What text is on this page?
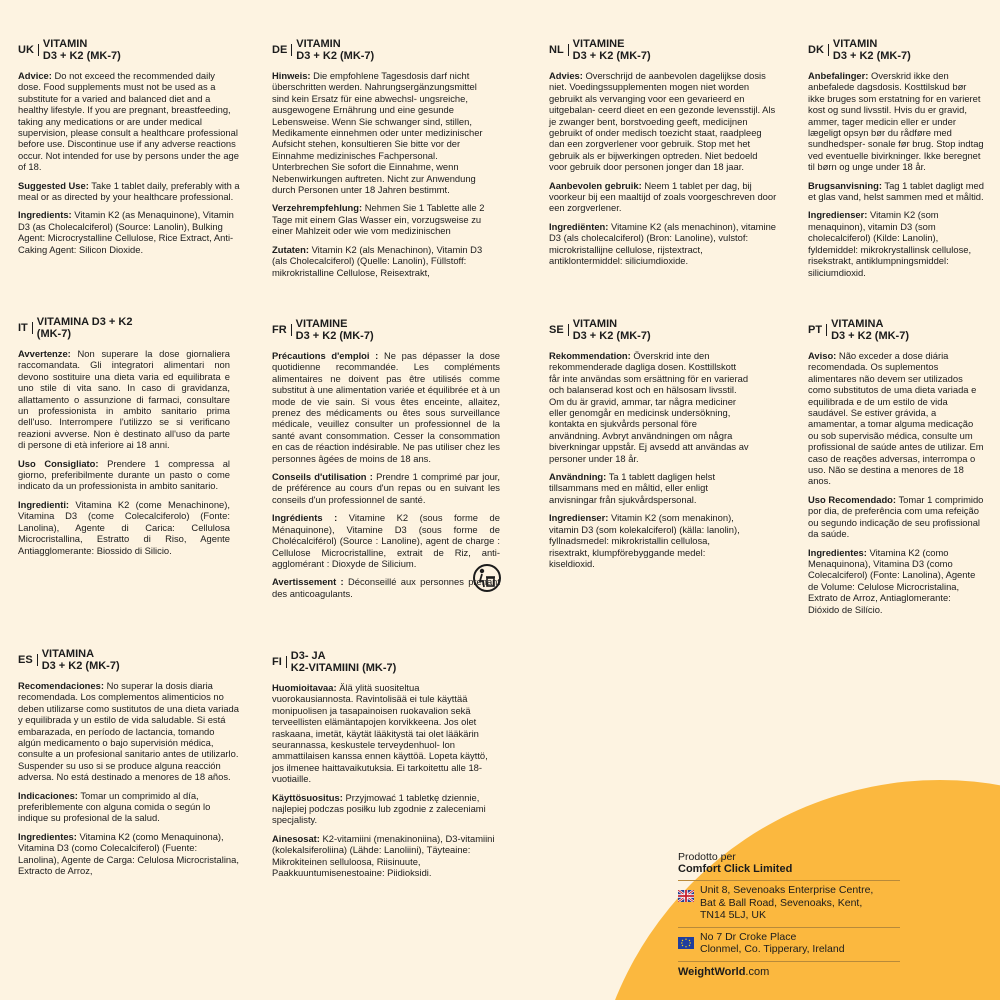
UK VITAMIN
D3 + K2 (MK-7)
Advice: Do not exceed the recommended daily dose. Food supplements must not be used as a substitute for a varied and balanced diet and a healthy lifestyle. If you are pregnant, breastfeeding, taking any medications or are under medical supervision, please consult a healthcare professional before use. Discontinue use if any adverse reactions occur. Not intended for use by persons under the age of 18.
Suggested Use: Take 1 tablet daily, preferably with a meal or as directed by your healthcare professional.
Ingredients: Vitamin K2 (as Menaquinone), Vitamin D3 (as Cholecalciferol) (Source: Lanolin), Bulking Agent: Microcrystalline Cellulose, Rice Extract, Anti-Caking Agent: Silicon Dioxide.
DE VITAMIN
D3 + K2 (MK-7)
Hinweis: Die empfohlene Tagesdosis darf nicht überschritten werden. Nahrungsergänzungsmittel sind kein Ersatz für eine abwechsl- ungsreiche, ausgewogene Ernährung und eine gesunde Lebensweise. Wenn Sie schwanger sind, stillen, Medikamente einnehmen oder unter medizinischer Aufsicht stehen, konsultieren Sie bitte vor der Einnahme medizinisches Fachpersonal. Unterbrechen Sie sofort die Einnahme, wenn Nebenwirkungen auftreten. Nicht zur Anwendung durch Personen unter 18 Jahren bestimmt.
Verzehrempfehlung: Nehmen Sie 1 Tablette alle 2 Tage mit einem Glas Wasser ein, vorzugsweise zu einer Mahlzeit oder wie vom medizinischen
Zutaten: Vitamin K2 (als Menachinon), Vitamin D3 (als Cholecalciferol) (Quelle: Lanolin), Füllstoff: mikrokristalline Cellulose, Reisextrakt,
NL VITAMINE
D3 + K2 (MK-7)
Advies: Overschrijd de aanbevolen dagelijkse dosis niet. Voedingssupplementen mogen niet worden gebruikt als vervanging voor een gevarieerd en uitgebalan- ceerd dieet en een gezonde levensstijl. Als je zwanger bent, borstvoeding geeft, medicijnen gebruikt of onder medisch toezicht staat, raadpleeg dan een zorgverlener voor gebruik. Stop met het gebruik als er bijwerkingen optreden. Niet bedoeld voor gebruik door personen jonger dan 18 jaar.
Aanbevolen gebruik: Neem 1 tablet per dag, bij voorkeur bij een maaltijd of zoals voorgeschreven door een zorgverlener.
Ingrediënten: Vitamine K2 (als menachinon), vitamine D3 (als cholecalciferol) (Bron: Lanoline), vulstof: microkristallijne cellulose, rijstextract, antiklontermiddel: siliciumdioxide.
DK VITAMIN
D3 + K2 (MK-7)
Anbefalinger: Overskrid ikke den anbefalede dagsdosis. Kosttilskud bør ikke bruges som erstatning for en varieret kost og sund livsstil. Hvis du er gravid, ammer, tager medicin eller er under lægeligt opsyn bør du rådføre med sundhedsper- sonale før brug. Stop indtag ved eventuelle bivirkninger. Ikke beregnet til børn og unge under 18 år.
Brugsanvisning: Tag 1 tablet dagligt med et glas vand, helst sammen med et måltid.
Ingredienser: Vitamin K2 (som menaquinon), vitamin D3 (som cholecalciferol) (Kilde: Lanolin), fyldemiddel: mikrokrystallinsk cellulose, risekstrakt, antiklumpningsmiddel: siliciumdioxid.
IT VITAMINA D3 + K2
(MK-7)
Avvertenze: Non superare la dose giornaliera raccomandata. Gli integratori alimentari non devono sostituire una dieta varia ed equilibrata e uno stile di vita sano. In caso di gravidanza, allattamento o assunzione di farmaci, consultare un professionista in ambito sanitario prima dell'uso. Interrompere l'utilizzo se si verificano reazioni avverse. Non è destinato all'uso da parte di persone di età inferiore ai 18 anni.
Uso Consigliato: Prendere 1 compressa al giorno, preferibilmente durante un pasto o come indicato da un professionista in ambito sanitario.
Ingredienti: Vitamina K2 (come Menachinone), Vitamina D3 (come Colecalciferolo) (Fonte: Lanolina), Agente di Carica: Cellulosa Microcristallina, Estratto di Riso, Agente Antiagglomerante: Biossido di Silicio.
FR VITAMINE
D3 + K2 (MK-7)
Précautions d'emploi : Ne pas dépasser la dose quotidienne recommandée. Les compléments alimentaires ne doivent pas être utilisés comme substitut à une alimentation variée et équilibrée et à un mode de vie sain. Si vous êtes enceinte, allaitez, prenez des médicaments ou êtes sous surveillance médicale, veuillez consulter un professionnel de la santé avant consommation. Cesser la consommation en cas de réaction indésirable. Ne pas utiliser chez les personnes âgées de moins de 18 ans.
Conseils d'utilisation : Prendre 1 comprimé par jour, de préférence au cours d'un repas ou en suivant les conseils d'un professionnel de santé.
Ingrédients : Vitamine K2 (sous forme de Ménaquinone), Vitamine D3 (sous forme de Cholécalciférol) (Source : Lanoline), agent de charge : Cellulose Microcristalline, extrait de Riz, anti-agglomérant : Dioxyde de Silicium.
Avertissement : Déconseillé aux personnes prenant des anticoagulants.
SE VITAMIN
D3 + K2 (MK-7)
Rekommendation: Överskrid inte den rekommenderade dagliga dosen. Kosttillskott får inte användas som ersättning för en varierad och balanserad kost och en hälsosam livsstil. Om du är gravid, ammar, tar några mediciner eller genomgår en medicinsk undersökning, kontakta en sjukvårds personal före användning. Avbryt användningen om några biverkningar uppstår. Ej avsedd att användas av personer under 18 år.
Användning: Ta 1 tablett dagligen helst tillsammans med en måltid, eller enligt anvisningar från sjukvårdspersonal.
Ingredienser: Vitamin K2 (som menakinon), vitamin D3 (som kolekalciferol) (källa: lanolin), fyllnadsmedel: mikrokristallin cellulosa, risextrakt, klumpförebyggande medel: kiseldioxid.
PT VITAMINA
D3 + K2 (MK-7)
Aviso: Não exceder a dose diária recomendada. Os suplementos alimentares não devem ser utilizados como substitutos de uma dieta variada e equilibrada e de um estilo de vida saudável. Se estiver grávida, a amamentar, a tomar alguma medicação ou sob supervisão médica, consulte um profissional de saúde antes de utilizar. Em caso de reações adversas, interrompa o uso. Não se destina a menores de 18 anos.
Uso Recomendado: Tomar 1 comprimido por dia, de preferência com uma refeição ou segundo indicação de seu profissional da saúde.
Ingredientes: Vitamina K2 (como Menaquinona), Vitamina D3 (como Colecalciferol) (Fonte: Lanolina), Agente de Volume: Celulose Microcristalina, Extrato de Arroz, Antiaglomerante: Dióxido de Silício.
ES VITAMINA
D3 + K2 (MK-7)
Recomendaciones: No superar la dosis diaria recomendada. Los complementos alimenticios no deben utilizarse como sustitutos de una dieta variada y equilibrada y un estilo de vida saludable. Si está embarazada, en período de lactancia, tomando algún medicamento o bajo supervisión médica, consulte a un profesional sanitario antes de utilizarlo. Suspender su uso si se produce alguna reacción adversa. No está destinado a menores de 18 años.
Indicaciones: Tomar un comprimido al día, preferiblemente con alguna comida o según lo indique su profesional de la salud.
Ingredientes: Vitamina K2 (como Menaquinona), Vitamina D3 (como Colecalciferol) (Fuente: Lanolina), Agente de Carga: Celulosa Microcristalina, Extracto de Arroz,
FI D3- JA
K2-VITAMIINI (MK-7)
Huomioitavaa: Älä ylitä suositeltua vuorokausiannosta. Ravintolisää ei tule käyttää monipuolisen ja tasapainoisen ruokavalion sekä terveellisten elämäntapojen korvikkeena. Jos olet raskaana, imetät, käytät lääkitystä tai olet lääkärin seurannassa, keskustele terveydenhuol- lon ammattilaisen kanssa ennen käyttöä. Lopeta käyttö, jos ilmenee haittavaikutuksia. Ei tarkoitettu alle 18-vuotiaille.
Käyttösuositus: Przyjmować 1 tabletkę dziennie, najlepiej podczas posiłku lub zgodnie z zaleceniami specjalisty.
Ainesosat: K2-vitamiini (menakinoniina), D3-vitamiini (kolekalsiferoliina) (Lähde: Lanoliini), Täyteaine: Mikrokiteinen selluloosa, Riisinuute, Paakkuuntumisenestoaine: Piidioksidi.
Prodotto per
Comfort Click Limited
Unit 8, Sevenoaks Enterprise Centre,
Bat & Ball Road, Sevenoaks, Kent,
TN14 5LJ, UK
No 7 Dr Croke Place
Clonmel, Co. Tipperary, Ireland
WeightWorld.com
